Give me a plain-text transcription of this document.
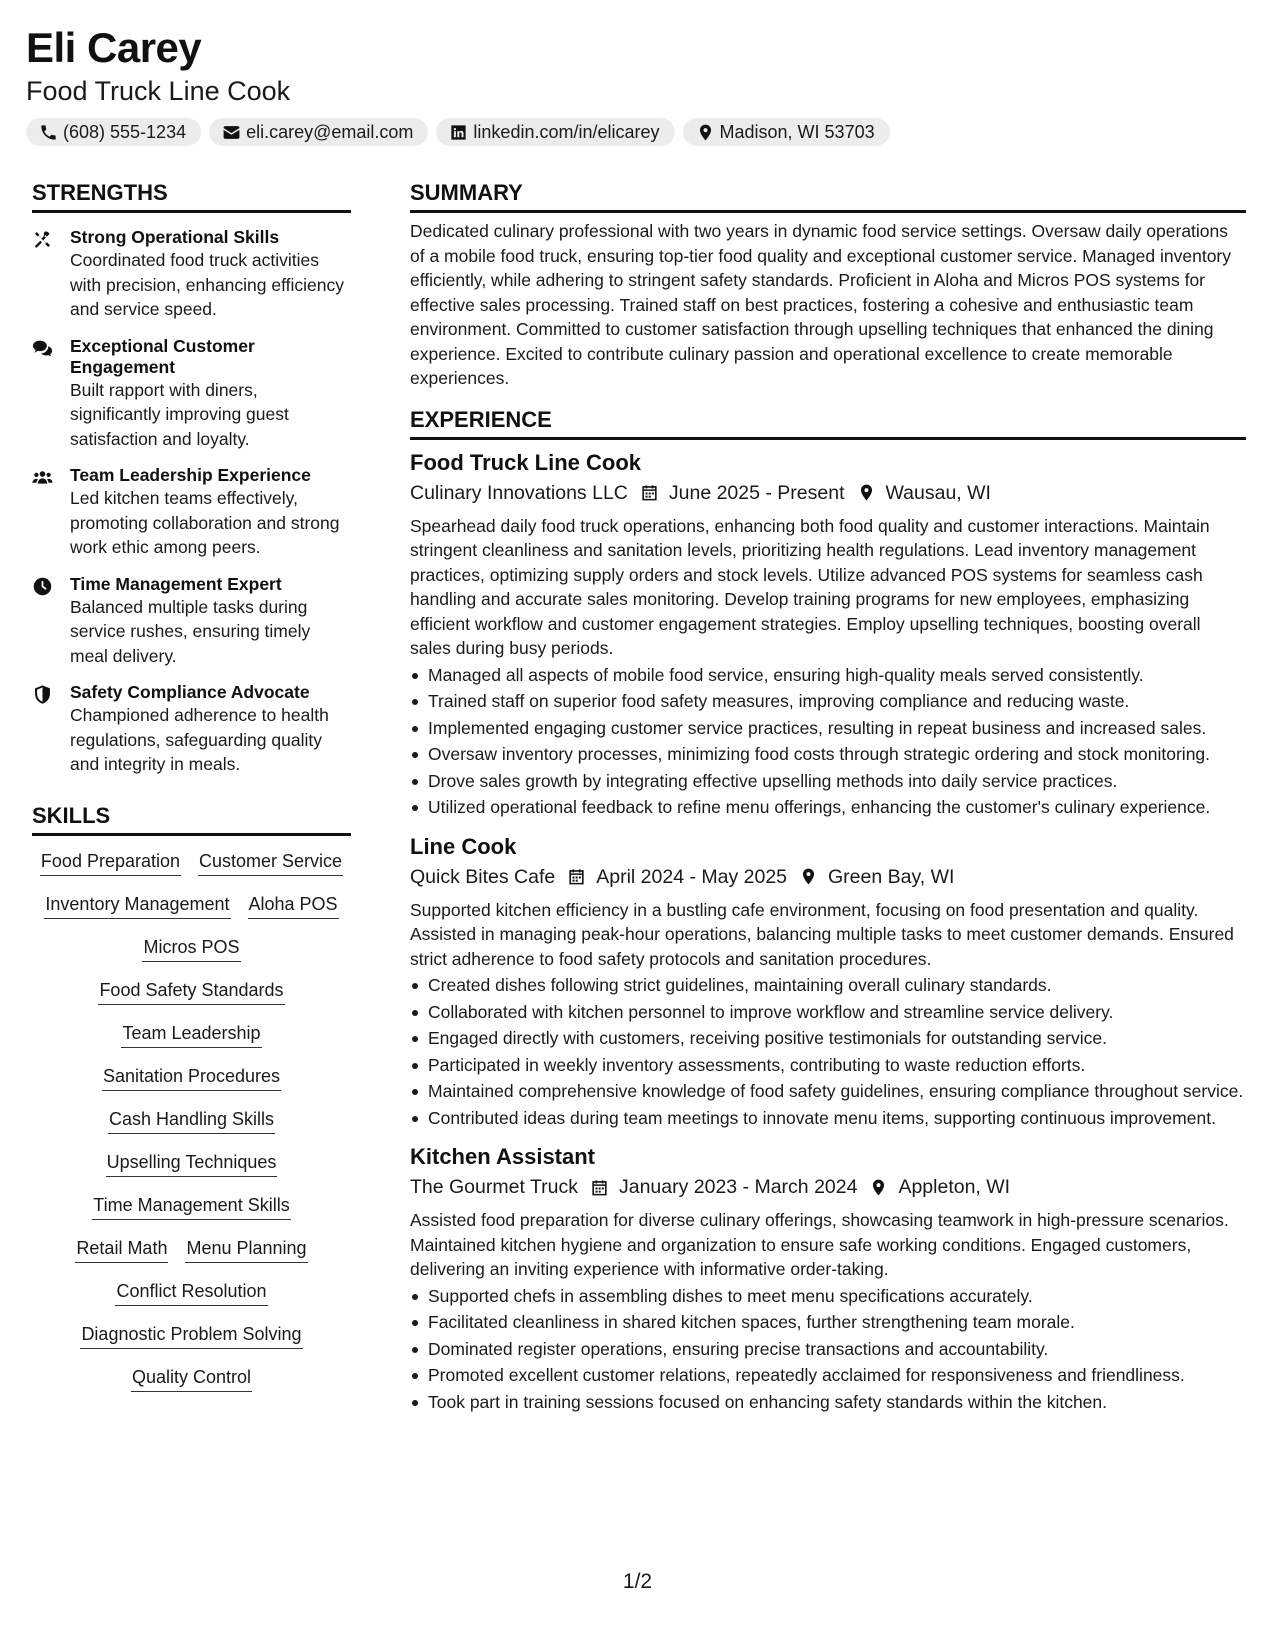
Eli Carey
Food Truck Line Cook
(608) 555-1234	eli.carey@email.com	linkedin.com/in/elicarey	Madison, WI 53703
STRENGTHS
Strong Operational Skills
Coordinated food truck activities with precision, enhancing efficiency and service speed.
Exceptional Customer Engagement
Built rapport with diners, significantly improving guest satisfaction and loyalty.
Team Leadership Experience
Led kitchen teams effectively, promoting collaboration and strong work ethic among peers.
Time Management Expert
Balanced multiple tasks during service rushes, ensuring timely meal delivery.
Safety Compliance Advocate
Championed adherence to health regulations, safeguarding quality and integrity in meals.
SKILLS
Food Preparation Customer Service
Inventory Management Aloha POS
Micros POS
Food Safety Standards
Team Leadership
Sanitation Procedures
Cash Handling Skills
Upselling Techniques
Time Management Skills
Retail Math Menu Planning
Conflict Resolution
Diagnostic Problem Solving
Quality Control
SUMMARY
Dedicated culinary professional with two years in dynamic food service settings. Oversaw daily operations of a mobile food truck, ensuring top-tier food quality and exceptional customer service. Managed inventory efficiently, while adhering to stringent safety standards. Proficient in Aloha and Micros POS systems for effective sales processing. Trained staff on best practices, fostering a cohesive and enthusiastic team environment. Committed to customer satisfaction through upselling techniques that enhanced the dining experience. Excited to contribute culinary passion and operational excellence to create memorable experiences.
EXPERIENCE
Food Truck Line Cook
Culinary Innovations LLC June 2025 - Present Wausau, WI
Spearhead daily food truck operations, enhancing both food quality and customer interactions. Maintain stringent cleanliness and sanitation levels, prioritizing health regulations. Lead inventory management practices, optimizing supply orders and stock levels. Utilize advanced POS systems for seamless cash handling and accurate sales monitoring. Develop training programs for new employees, emphasizing efficient workflow and customer engagement strategies. Employ upselling techniques, boosting overall sales during busy periods.
Managed all aspects of mobile food service, ensuring high-quality meals served consistently.
Trained staff on superior food safety measures, improving compliance and reducing waste.
Implemented engaging customer service practices, resulting in repeat business and increased sales.
Oversaw inventory processes, minimizing food costs through strategic ordering and stock monitoring.
Drove sales growth by integrating effective upselling methods into daily service practices.
Utilized operational feedback to refine menu offerings, enhancing the customer's culinary experience.
Line Cook
Quick Bites Cafe April 2024 - May 2025 Green Bay, WI
Supported kitchen efficiency in a bustling cafe environment, focusing on food presentation and quality. Assisted in managing peak-hour operations, balancing multiple tasks to meet customer demands. Ensured strict adherence to food safety protocols and sanitation procedures.
Created dishes following strict guidelines, maintaining overall culinary standards.
Collaborated with kitchen personnel to improve workflow and streamline service delivery.
Engaged directly with customers, receiving positive testimonials for outstanding service.
Participated in weekly inventory assessments, contributing to waste reduction efforts.
Maintained comprehensive knowledge of food safety guidelines, ensuring compliance throughout service.
Contributed ideas during team meetings to innovate menu items, supporting continuous improvement.
Kitchen Assistant
The Gourmet Truck January 2023 - March 2024 Appleton, WI
Assisted food preparation for diverse culinary offerings, showcasing teamwork in high-pressure scenarios. Maintained kitchen hygiene and organization to ensure safe working conditions. Engaged customers, delivering an inviting experience with informative order-taking.
Supported chefs in assembling dishes to meet menu specifications accurately.
Facilitated cleanliness in shared kitchen spaces, further strengthening team morale.
Dominated register operations, ensuring precise transactions and accountability.
Promoted excellent customer relations, repeatedly acclaimed for responsiveness and friendliness.
Took part in training sessions focused on enhancing safety standards within the kitchen.
1/2
